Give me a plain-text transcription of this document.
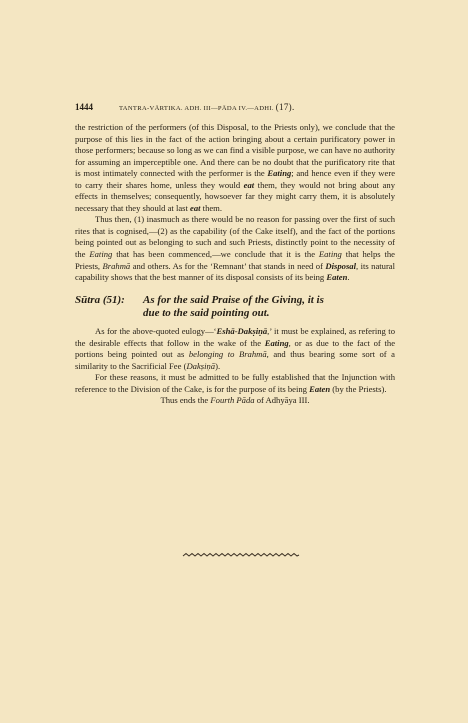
1444	TANTRA-VĀRTIKA. ADH. III—PĀDA IV.—ADHI. (17).

the restriction of the performers (of this Disposal, to the Priests only), we conclude that the purpose of this lies in the fact of the action bringing about a certain purificatory power in those performers; because so long as we can find a visible purpose, we can have no authority for assuming an imperceptible one. And there can be no doubt that the purificatory rite that is most intimately connected with the performer is the Eating; and hence even if they were to carry their shares home, unless they would eat them, they would not bring about any effects in themselves; consequently, howsoever far they might carry them, it is absolutely necessary that they should at last eat them.

Thus then, (1) inasmuch as there would be no reason for passing over the first of such rites that is cognised,—(2) as the capability (of the Cake itself), and the fact of the portions being pointed out as belonging to such and such Priests, distinctly point to the necessity of the Eating that has been commenced,—we conclude that it is the Eating that helps the Priests, Brahmā and others. As for the ‘Remnant’ that stands in need of Disposal, its natural capability shows that the best manner of its disposal consists of its being Eaten.

Sūtra (51): As for the said Praise of the Giving, it is
due to the said pointing out.

As for the above-quoted eulogy—‘Eshā-Dakṣiṇā,’ it must be explained, as refering to the desirable effects that follow in the wake of the Eating, or as due to the fact of the portions being pointed out as belonging to Brahmā, and thus bearing some sort of a similarity to the Sacrificial Fee (Dakṣiṇā).

For these reasons, it must be admitted to be fully established that the Injunction with reference to the Division of the Cake, is for the purpose of its being Eaten (by the Priests).

Thus ends the Fourth Pāda of Adhyāya III.
